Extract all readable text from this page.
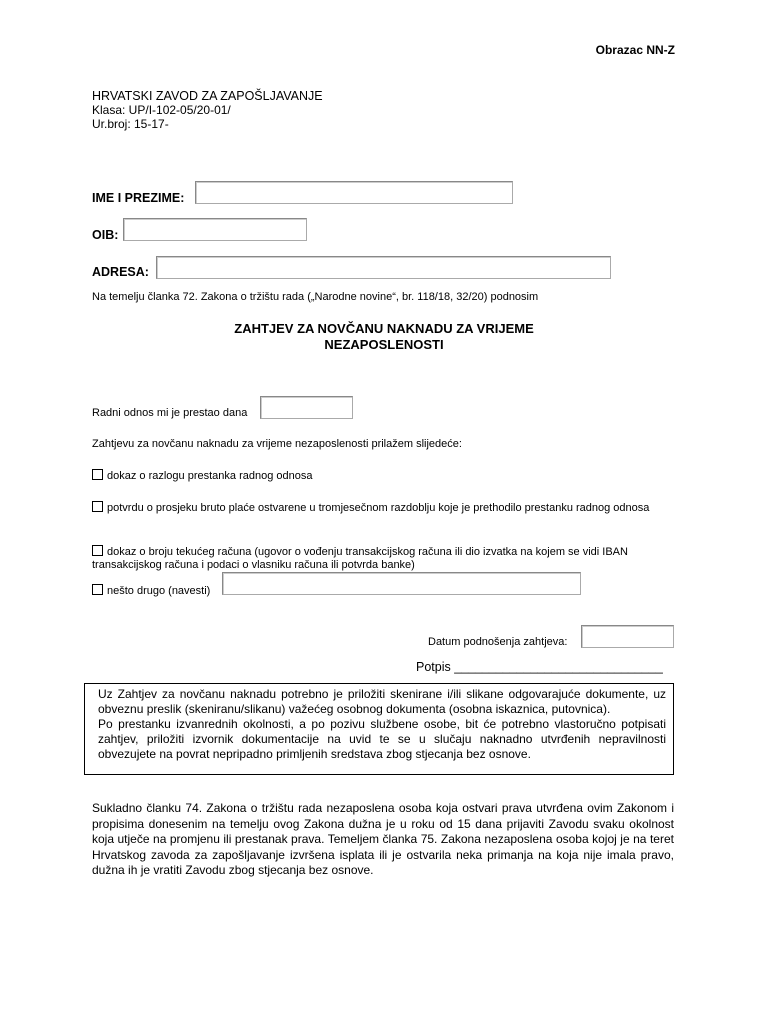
Obrazac NN-Z
HRVATSKI ZAVOD ZA ZAPOŠLJAVANJE
Klasa: UP/I-102-05/20-01/
Ur.broj: 15-17-
IME I PREZIME:
OIB:
ADRESA:
Na temelju članka 72. Zakona o tržištu rada („Narodne novine“, br. 118/18, 32/20) podnosim
ZAHTJEV ZA NOVČANU NAKNADU ZA VRIJEME
NEZAPOSLENOSTI
Radni odnos mi je prestao dana
Zahtjevu za novčanu naknadu za vrijeme nezaposlenosti prilažem slijedeće:
dokaz o razlogu prestanka radnog odnosa
potvrdu o prosjeku bruto plaće ostvarene u tromjesečnom razdoblju koje je prethodilo prestanku radnog odnosa
dokaz o broju tekućeg računa (ugovor o vođenju transakcijskog računa ili dio izvatka na kojem se vidi IBAN transakcijskog računa i podaci o vlasniku računa ili potvrda banke)
nešto drugo (navesti)
Datum podnošenja zahtjeva:
Potpis ______________________________
Uz Zahtjev za novčanu naknadu potrebno je priložiti skenirane i/ili slikane odgovarajuće dokumente, uz obveznu preslik (skeniranu/slikanu) važećeg osobnog dokumenta (osobna iskaznica, putovnica).
Po prestanku izvanrednih okolnosti, a po pozivu službene osobe, bit će potrebno vlastoručno potpisati zahtjev, priložiti izvornik dokumentacije na uvid te se u slučaju naknadno utvrđenih nepravilnosti obvezujete na povrat nepripadno primljenih sredstava zbog stjecanja bez osnove.
Sukladno članku 74. Zakona o tržištu rada nezaposlena osoba koja ostvari prava utvrđena ovim Zakonom i propisima donesenim na temelju ovog Zakona dužna je u roku od 15 dana prijaviti Zavodu svaku okolnost koja utječe na promjenu ili prestanak prava. Temeljem članka 75. Zakona nezaposlena osoba kojoj je na teret Hrvatskog zavoda za zapošljavanje izvršena isplata ili je ostvarila neka primanja na koja nije imala pravo, dužna ih je vratiti Zavodu zbog stjecanja bez osnove.
